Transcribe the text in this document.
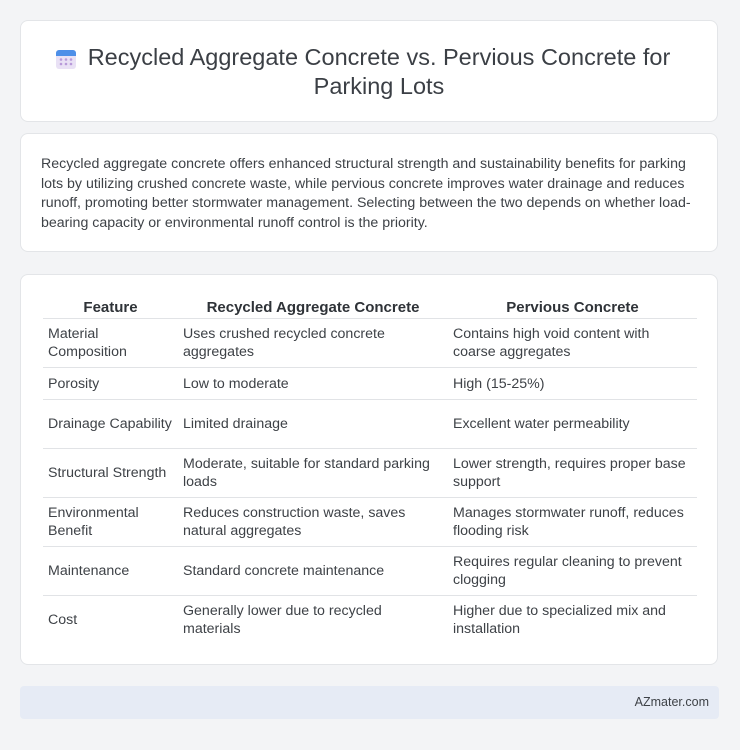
Recycled Aggregate Concrete vs. Pervious Concrete for Parking Lots
Recycled aggregate concrete offers enhanced structural strength and sustainability benefits for parking lots by utilizing crushed concrete waste, while pervious concrete improves water drainage and reduces runoff, promoting better stormwater management. Selecting between the two depends on whether load-bearing capacity or environmental runoff control is the priority.
Feature	Recycled Aggregate Concrete	Pervious Concrete
Material Composition	Uses crushed recycled concrete aggregates	Contains high void content with coarse aggregates
Porosity	Low to moderate	High (15-25%)
Drainage Capability	Limited drainage	Excellent water permeability
Structural Strength	Moderate, suitable for standard parking loads	Lower strength, requires proper base support
Environmental Benefit	Reduces construction waste, saves natural aggregates	Manages stormwater runoff, reduces flooding risk
Maintenance	Standard concrete maintenance	Requires regular cleaning to prevent clogging
Cost	Generally lower due to recycled materials	Higher due to specialized mix and installation
AZmater.com
